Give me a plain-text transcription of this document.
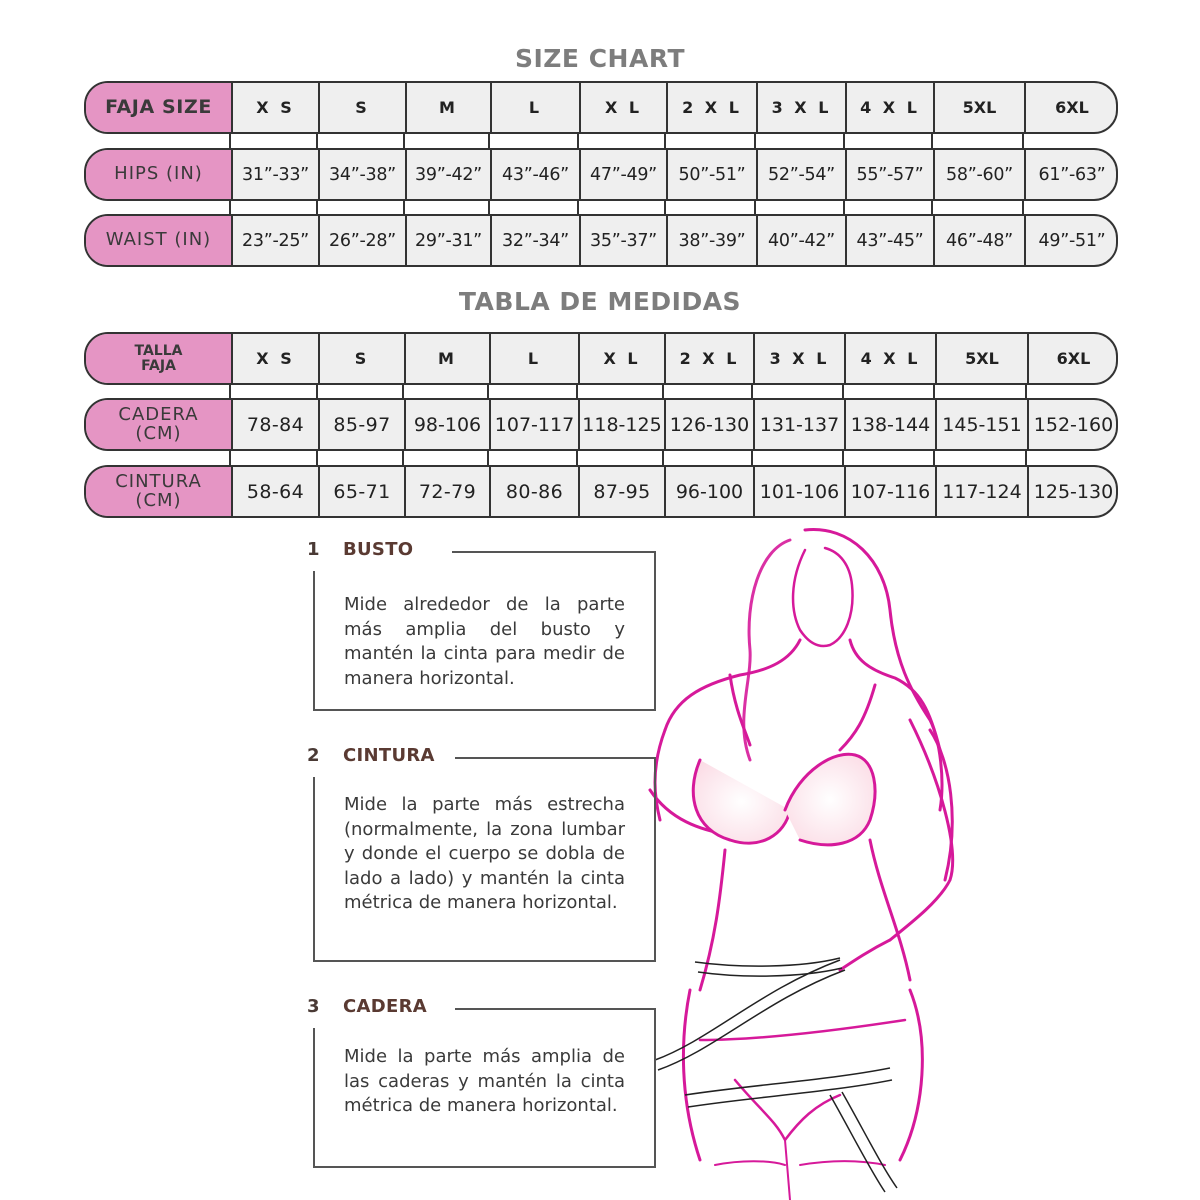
SIZE CHART
FAJA SIZE	X S	S	M	L	X L	2 X L	3 X L	4 X L	5XL	6XL
HIPS (IN)	31”-33”	34”-38”	39”-42”	43”-46”	47”-49”	50”-51”	52”-54”	55”-57”	58”-60”	61”-63”
WAIST (IN)	23”-25”	26”-28”	29”-31”	32”-34”	35”-37”	38”-39”	40”-42”	43”-45”	46”-48”	49”-51”
TABLA DE MEDIDAS
TALLA
FAJA	X S	S	M	L	X L	2 X L	3 X L	4 X L	5XL	6XL
CADERA
(CM)	78-84	85-97	98-106 107-117 118-125 126-130 131-137 138-144 145-151 152-160
CINTURA
(CM)	58-64	65-71	72-79	80-86	87-95	96-100 101-106 107-116 117-124 125-130
1	BUSTO
Mide alrededor de la parte más amplia del busto y mantén la cinta para medir de manera horizontal.
2	CINTURA
Mide la parte más estrecha (normalmente, la zona lumbar y donde el cuerpo se dobla de lado a lado) y mantén la cinta métrica de manera horizontal.
3	CADERA
Mide la parte más amplia de las caderas y mantén la cinta métrica de manera horizontal.
